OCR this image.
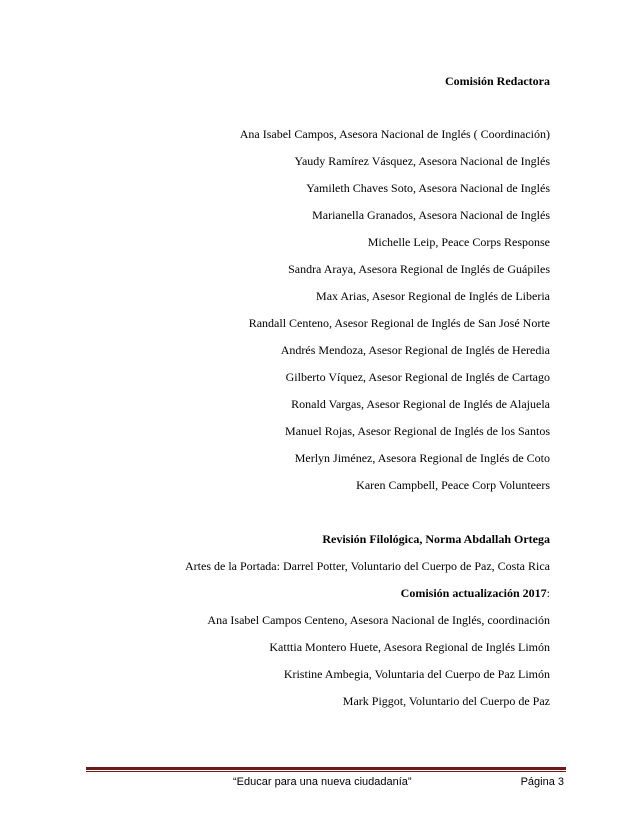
Comisión Redactora
Ana Isabel Campos, Asesora Nacional de Inglés ( Coordinación)
Yaudy Ramírez Vásquez, Asesora Nacional de Inglés
Yamileth Chaves Soto, Asesora Nacional de Inglés
Marianella Granados, Asesora Nacional de Inglés
Michelle Leip, Peace Corps Response
Sandra Araya, Asesora Regional de Inglés de Guápiles
Max Arias, Asesor Regional de Inglés de Liberia
Randall Centeno, Asesor Regional de Inglés de San José Norte
Andrés Mendoza, Asesor Regional de Inglés de Heredia
Gilberto Víquez, Asesor Regional de Inglés de Cartago
Ronald Vargas, Asesor Regional de Inglés de Alajuela
Manuel Rojas, Asesor Regional de Inglés de los Santos
Merlyn Jiménez, Asesora Regional de Inglés de Coto
Karen Campbell, Peace Corp Volunteers
Revisión Filológica, Norma Abdallah Ortega
Artes de la Portada: Darrel Potter, Voluntario del Cuerpo de Paz, Costa Rica
Comisión actualización 2017:
Ana Isabel Campos Centeno, Asesora Nacional de Inglés, coordinación
Katttia Montero Huete, Asesora Regional de Inglés Limón
Kristine Ambegia, Voluntaria del Cuerpo de Paz Limón
Mark Piggot, Voluntario del Cuerpo de Paz
“Educar para una nueva ciudadanía”	Página 3
